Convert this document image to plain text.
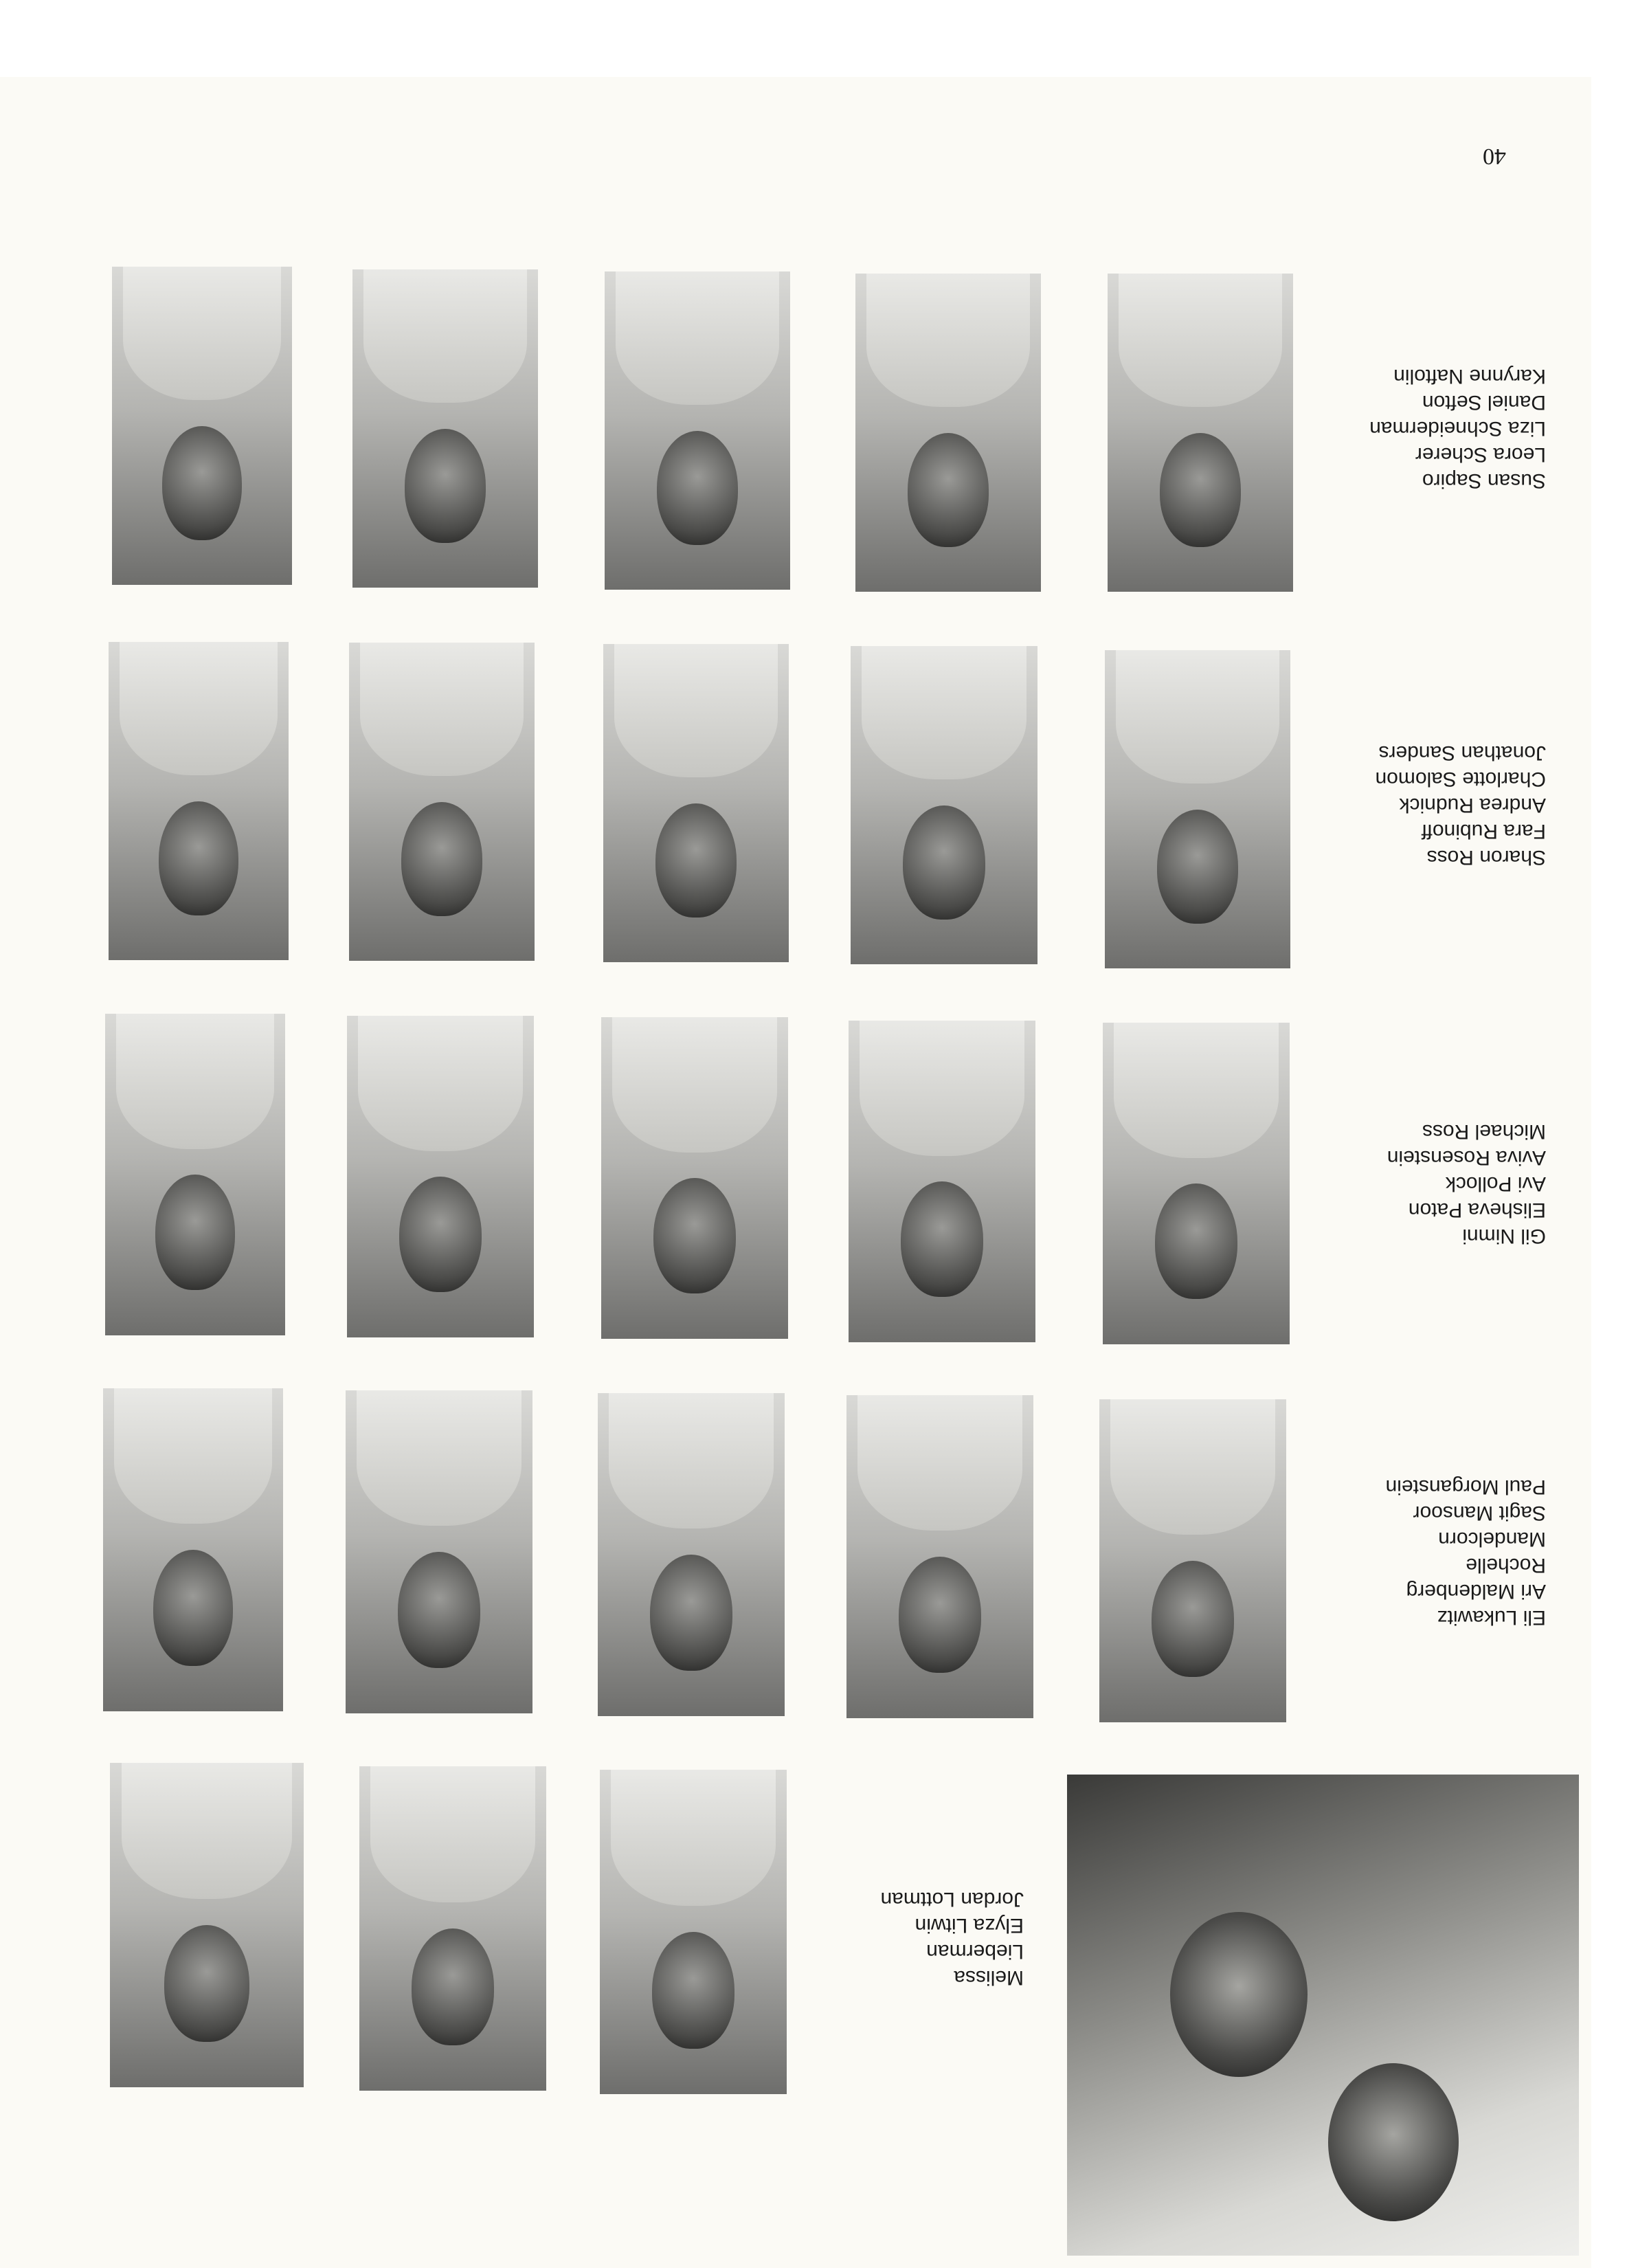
40
Susan Sapiro
Leora Scherer
Liza Schneiderman
Daniel Sefton
Karynne Naftolin
Sharon Ross
Fara Rubinoff
Andrea Rudnick
Charlotte Salomon
Jonathan Sanders
Gil Nimni
Elisheva Paton
Avi Pollock
Aviva Rosenstein
Michael Ross
Eli Lukawitz
Ari Maldenberg
Rochelle
Mandelcorn
Sagit Mansoor
Paul Morganstein
Melissa
Lieberman
Elyza Litwin
Jordan Lottman
